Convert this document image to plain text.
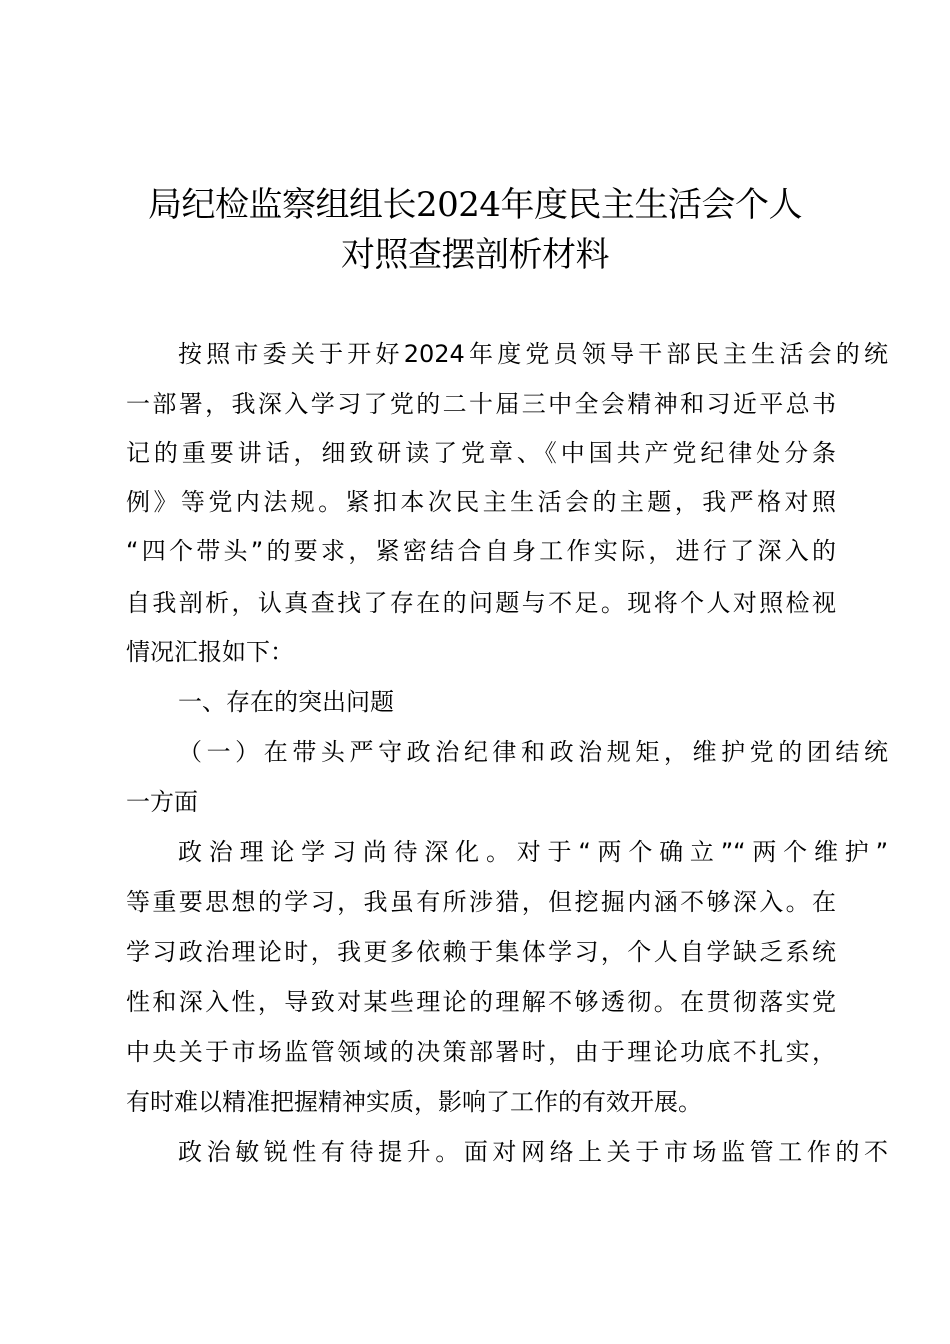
局纪检监察组组长2024年度民主生活会个人
对照查摆剖析材料

按照市委关于开好2024年度党员领导干部民主生活会的统

一部署，我深入学习了党的二十届三中全会精神和习近平总书

记的重要讲话，细致研读了党章、《中国共产党纪律处分条

例》等党内法规。紧扣本次民主生活会的主题，我严格对照

“四个带头”的要求，紧密结合自身工作实际，进行了深入的

自我剖析，认真查找了存在的问题与不足。现将个人对照检视

情况汇报如下：

一、存在的突出问题

（一）在带头严守政治纪律和政治规矩，维护党的团结统

一方面

政治理论学习尚待深化。对于“两个确立”“两个维护”

等重要思想的学习，我虽有所涉猎，但挖掘内涵不够深入。在

学习政治理论时，我更多依赖于集体学习，个人自学缺乏系统

性和深入性，导致对某些理论的理解不够透彻。在贯彻落实党

中央关于市场监管领域的决策部署时，由于理论功底不扎实，

有时难以精准把握精神实质，影响了工作的有效开展。

政治敏锐性有待提升。面对网络上关于市场监管工作的不
